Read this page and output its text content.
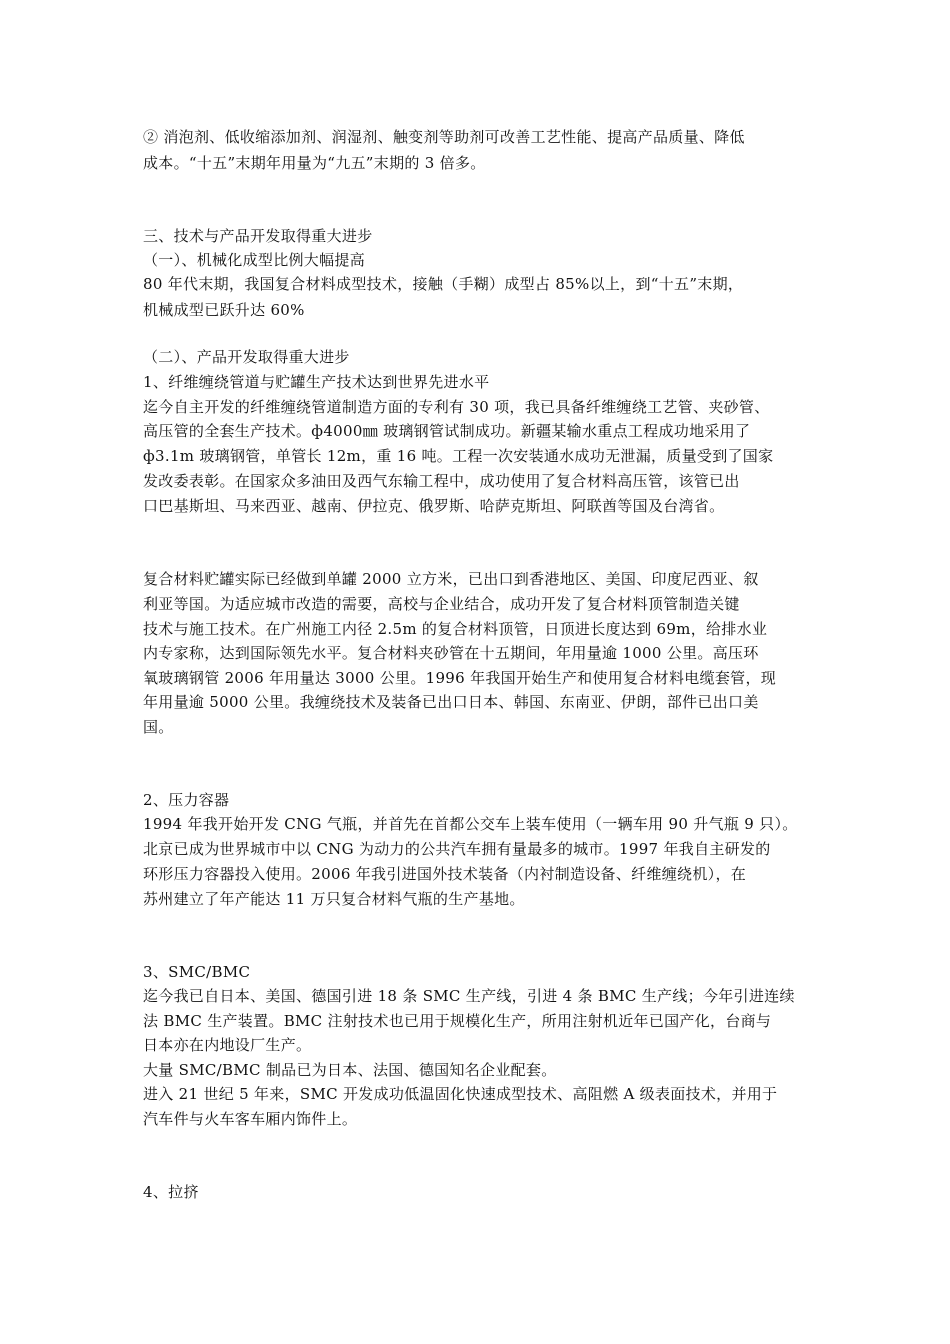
② 消泡剂、低收缩添加剂、润湿剂、触变剂等助剂可改善工艺性能、提高产品质量、降低
成本。“十五”末期年用量为“九五”末期的 3 倍多。
三、技术与产品开发取得重大进步
（一）、机械化成型比例大幅提高
80 年代末期，我国复合材料成型技术，接触（手糊）成型占 85%以上，到“十五”末期，
机械成型已跃升达 60%
（二）、产品开发取得重大进步
1、纤维缠绕管道与贮罐生产技术达到世界先进水平
迄今自主开发的纤维缠绕管道制造方面的专利有 30 项，我已具备纤维缠绕工艺管、夹砂管、
高压管的全套生产技术。ф4000㎜ 玻璃钢管试制成功。新疆某输水重点工程成功地采用了
ф3.1m 玻璃钢管，单管长 12m，重 16 吨。工程一次安装通水成功无泄漏，质量受到了国家
发改委表彰。在国家众多油田及西气东输工程中，成功使用了复合材料高压管，该管已出
口巴基斯坦、马来西亚、越南、伊拉克、俄罗斯、哈萨克斯坦、阿联酋等国及台湾省。
复合材料贮罐实际已经做到单罐 2000 立方米，已出口到香港地区、美国、印度尼西亚、叙
利亚等国。为适应城市改造的需要，高校与企业结合，成功开发了复合材料顶管制造关键
技术与施工技术。在广州施工内径 2.5m 的复合材料顶管，日顶进长度达到 69m，给排水业
内专家称，达到国际领先水平。复合材料夹砂管在十五期间，年用量逾 1000 公里。高压环
氧玻璃钢管 2006 年用量达 3000 公里。1996 年我国开始生产和使用复合材料电缆套管，现
年用量逾 5000 公里。我缠绕技术及装备已出口日本、韩国、东南亚、伊朗，部件已出口美
国。
2、压力容器
1994 年我开始开发 CNG 气瓶，并首先在首都公交车上装车使用（一辆车用 90 升气瓶 9 只）。
北京已成为世界城市中以 CNG 为动力的公共汽车拥有量最多的城市。1997 年我自主研发的
环形压力容器投入使用。2006 年我引进国外技术装备（内衬制造设备、纤维缠绕机），在
苏州建立了年产能达 11 万只复合材料气瓶的生产基地。
3、SMC/BMC
迄今我已自日本、美国、德国引进 18 条 SMC 生产线，引进 4 条 BMC 生产线；今年引进连续
法 BMC 生产装置。BMC 注射技术也已用于规模化生产，所用注射机近年已国产化，台商与
日本亦在内地设厂生产。
大量 SMC/BMC 制品已为日本、法国、德国知名企业配套。
进入 21 世纪 5 年来，SMC 开发成功低温固化快速成型技术、高阻燃 A 级表面技术，并用于
汽车件与火车客车厢内饰件上。
4、拉挤
